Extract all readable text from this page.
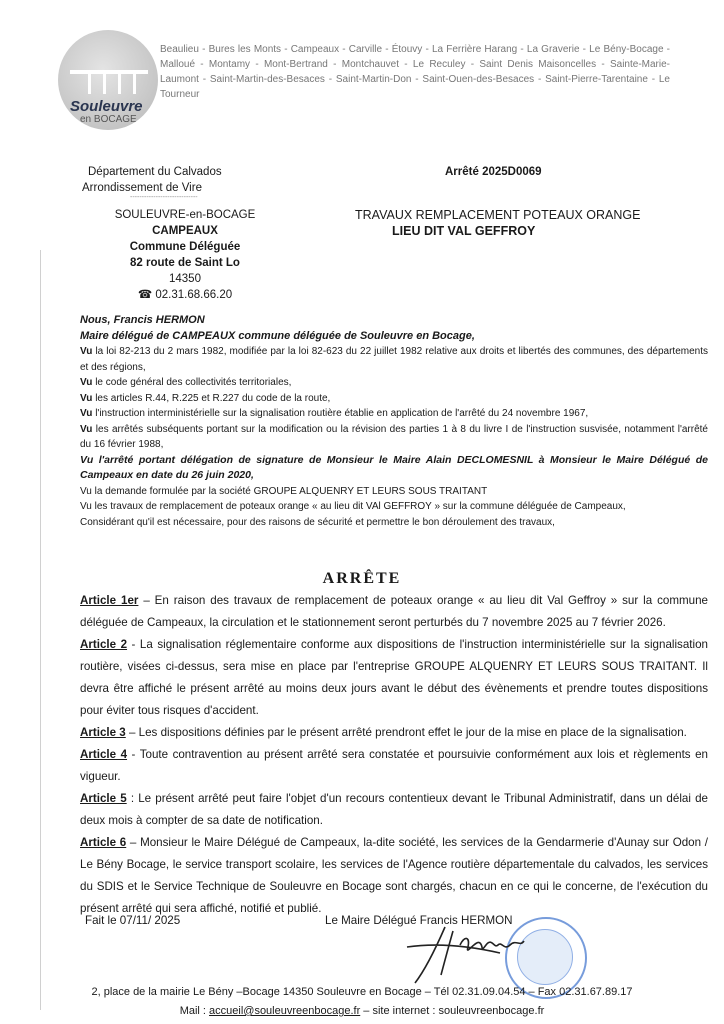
Souleuvre
en BOCAGE
Beaulieu - Bures les Monts - Campeaux - Carville - Étouvy - La Ferrière Harang - La Graverie - Le Bény-Bocage - Malloué - Montamy - Mont-Bertrand - Montchauvet - Le Reculey - Saint Denis Maisoncelles - Sainte-Marie-Laumont - Saint-Martin-des-Besaces - Saint-Martin-Don - Saint-Ouen-des-Besaces - Saint-Pierre-Tarentaine - Le Tourneur
Département du Calvados
Arrondissement de Vire
-----------------------------
SOULEUVRE-en-BOCAGE
CAMPEAUX
Commune Déléguée
82 route de Saint Lo
14350
☎ 02.31.68.66.20
Arrêté 2025D0069
TRAVAUX REMPLACEMENT POTEAUX ORANGE
LIEU DIT VAL GEFFROY

Nous, Francis HERMON

Maire délégué de CAMPEAUX commune déléguée de Souleuvre en Bocage,

Vu la loi 82-213 du 2 mars 1982, modifiée par la loi 82-623 du 22 juillet 1982 relative aux droits et libertés des communes, des départements et des régions,

Vu le code général des collectivités territoriales,

Vu les articles R.44, R.225 et R.227 du code de la route,

Vu l'instruction interministérielle sur la signalisation routière établie en application de l'arrêté du 24 novembre 1967,

Vu les arrêtés subséquents portant sur la modification ou la révision des parties 1 à 8 du livre I de l'instruction susvisée, notamment l'arrêté du 16 février 1988,

Vu l'arrêté portant délégation de signature de Monsieur le Maire Alain DECLOMESNIL à Monsieur le Maire Délégué de Campeaux en date du 26 juin 2020,

Vu la demande formulée par la société GROUPE ALQUENRY ET LEURS SOUS TRAITANT

Vu les travaux de remplacement de poteaux orange « au lieu dit VAl GEFFROY » sur la commune déléguée de Campeaux,

Considérant qu'il est nécessaire, pour des raisons de sécurité et permettre le bon déroulement des travaux,

ARRÊTE

Article 1er – En raison des travaux de remplacement de poteaux orange « au lieu dit Val Geffroy » sur la commune déléguée de Campeaux, la circulation et le stationnement seront perturbés du 7 novembre 2025 au 7 février 2026.

Article 2 - La signalisation réglementaire conforme aux dispositions de l'instruction interministérielle sur la signalisation routière, visées ci-dessus, sera mise en place par l'entreprise GROUPE ALQUENRY ET LEURS SOUS TRAITANT. Il devra être affiché le présent arrêté au moins deux jours avant le début des évènements et prendre toutes dispositions pour éviter tous risques d'accident.

Article 3 – Les dispositions définies par le présent arrêté prendront effet le jour de la mise en place de la signalisation.

Article 4 - Toute contravention au présent arrêté sera constatée et poursuivie conformément aux lois et règlements en vigueur.

Article 5 : Le présent arrêté peut faire l'objet d'un recours contentieux devant le Tribunal Administratif, dans un délai de deux mois à compter de sa date de notification.

Article 6 – Monsieur le Maire Délégué de Campeaux, la-dite société, les services de la Gendarmerie d'Aunay sur Odon / Le Bény Bocage, le service transport scolaire, les services de l'Agence routière départementale du calvados, les services du SDIS et le Service Technique de Souleuvre en Bocage sont chargés, chacun en ce qui le concerne, de l'exécution du présent arrêté qui sera affiché, notifié et publié.

Fait le 07/11/ 2025	Le Maire Délégué Francis HERMON
2, place de la mairie Le Bény –Bocage 14350 Souleuvre en Bocage – Tél 02.31.09.04.54 – Fax 02.31.67.89.17
Mail : accueil@souleuvreenbocage.fr – site internet : souleuvreenbocage.fr
